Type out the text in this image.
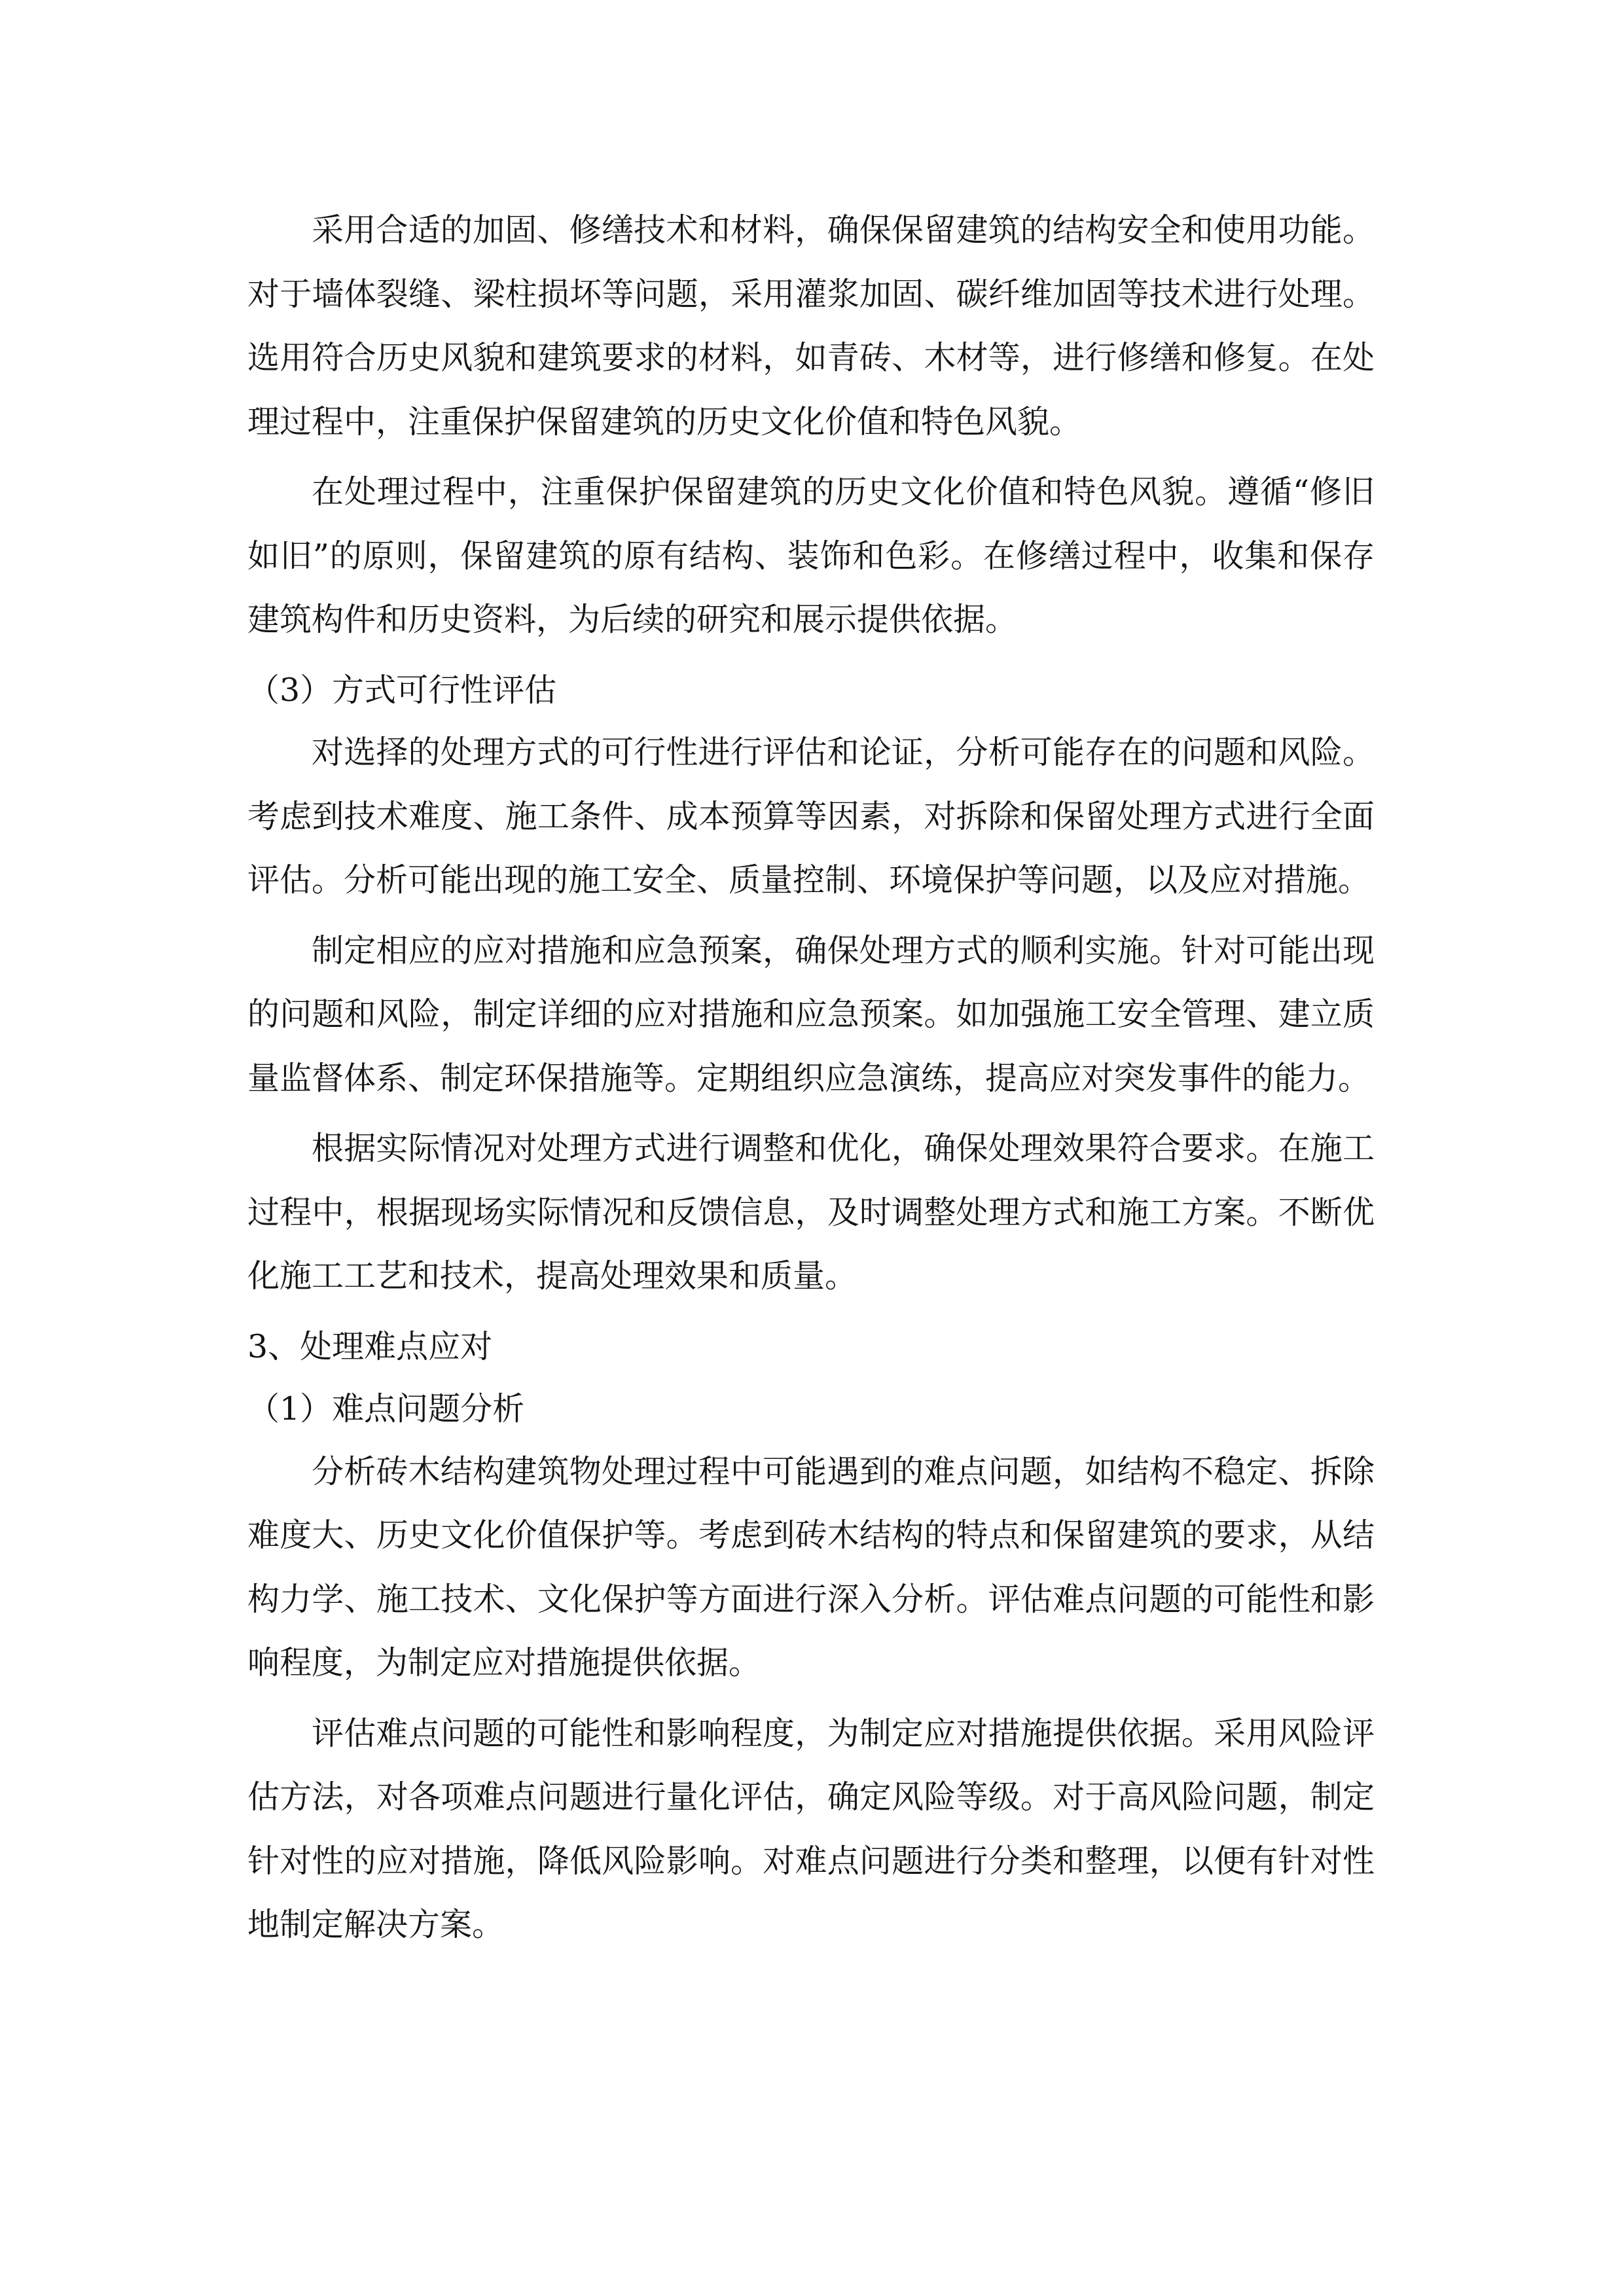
采用合适的加固、修缮技术和材料，确保保留建筑的结构安全和使用功能。对于墙体裂缝、梁柱损坏等问题，采用灌浆加固、碳纤维加固等技术进行处理。选用符合历史风貌和建筑要求的材料，如青砖、木材等，进行修缮和修复。在处理过程中，注重保护保留建筑的历史文化价值和特色风貌。

在处理过程中，注重保护保留建筑的历史文化价值和特色风貌。遵循“修旧如旧”的原则，保留建筑的原有结构、装饰和色彩。在修缮过程中，收集和保存建筑构件和历史资料，为后续的研究和展示提供依据。

（3）方式可行性评估

对选择的处理方式的可行性进行评估和论证，分析可能存在的问题和风险。考虑到技术难度、施工条件、成本预算等因素，对拆除和保留处理方式进行全面评估。分析可能出现的施工安全、质量控制、环境保护等问题，以及应对措施。

制定相应的应对措施和应急预案，确保处理方式的顺利实施。针对可能出现的问题和风险，制定详细的应对措施和应急预案。如加强施工安全管理、建立质量监督体系、制定环保措施等。定期组织应急演练，提高应对突发事件的能力。

根据实际情况对处理方式进行调整和优化，确保处理效果符合要求。在施工过程中，根据现场实际情况和反馈信息，及时调整处理方式和施工方案。不断优化施工工艺和技术，提高处理效果和质量。

3、处理难点应对

（1）难点问题分析

分析砖木结构建筑物处理过程中可能遇到的难点问题，如结构不稳定、拆除难度大、历史文化价值保护等。考虑到砖木结构的特点和保留建筑的要求，从结构力学、施工技术、文化保护等方面进行深入分析。评估难点问题的可能性和影响程度，为制定应对措施提供依据。

评估难点问题的可能性和影响程度，为制定应对措施提供依据。采用风险评估方法，对各项难点问题进行量化评估，确定风险等级。对于高风险问题，制定针对性的应对措施，降低风险影响。对难点问题进行分类和整理，以便有针对性地制定解决方案。
